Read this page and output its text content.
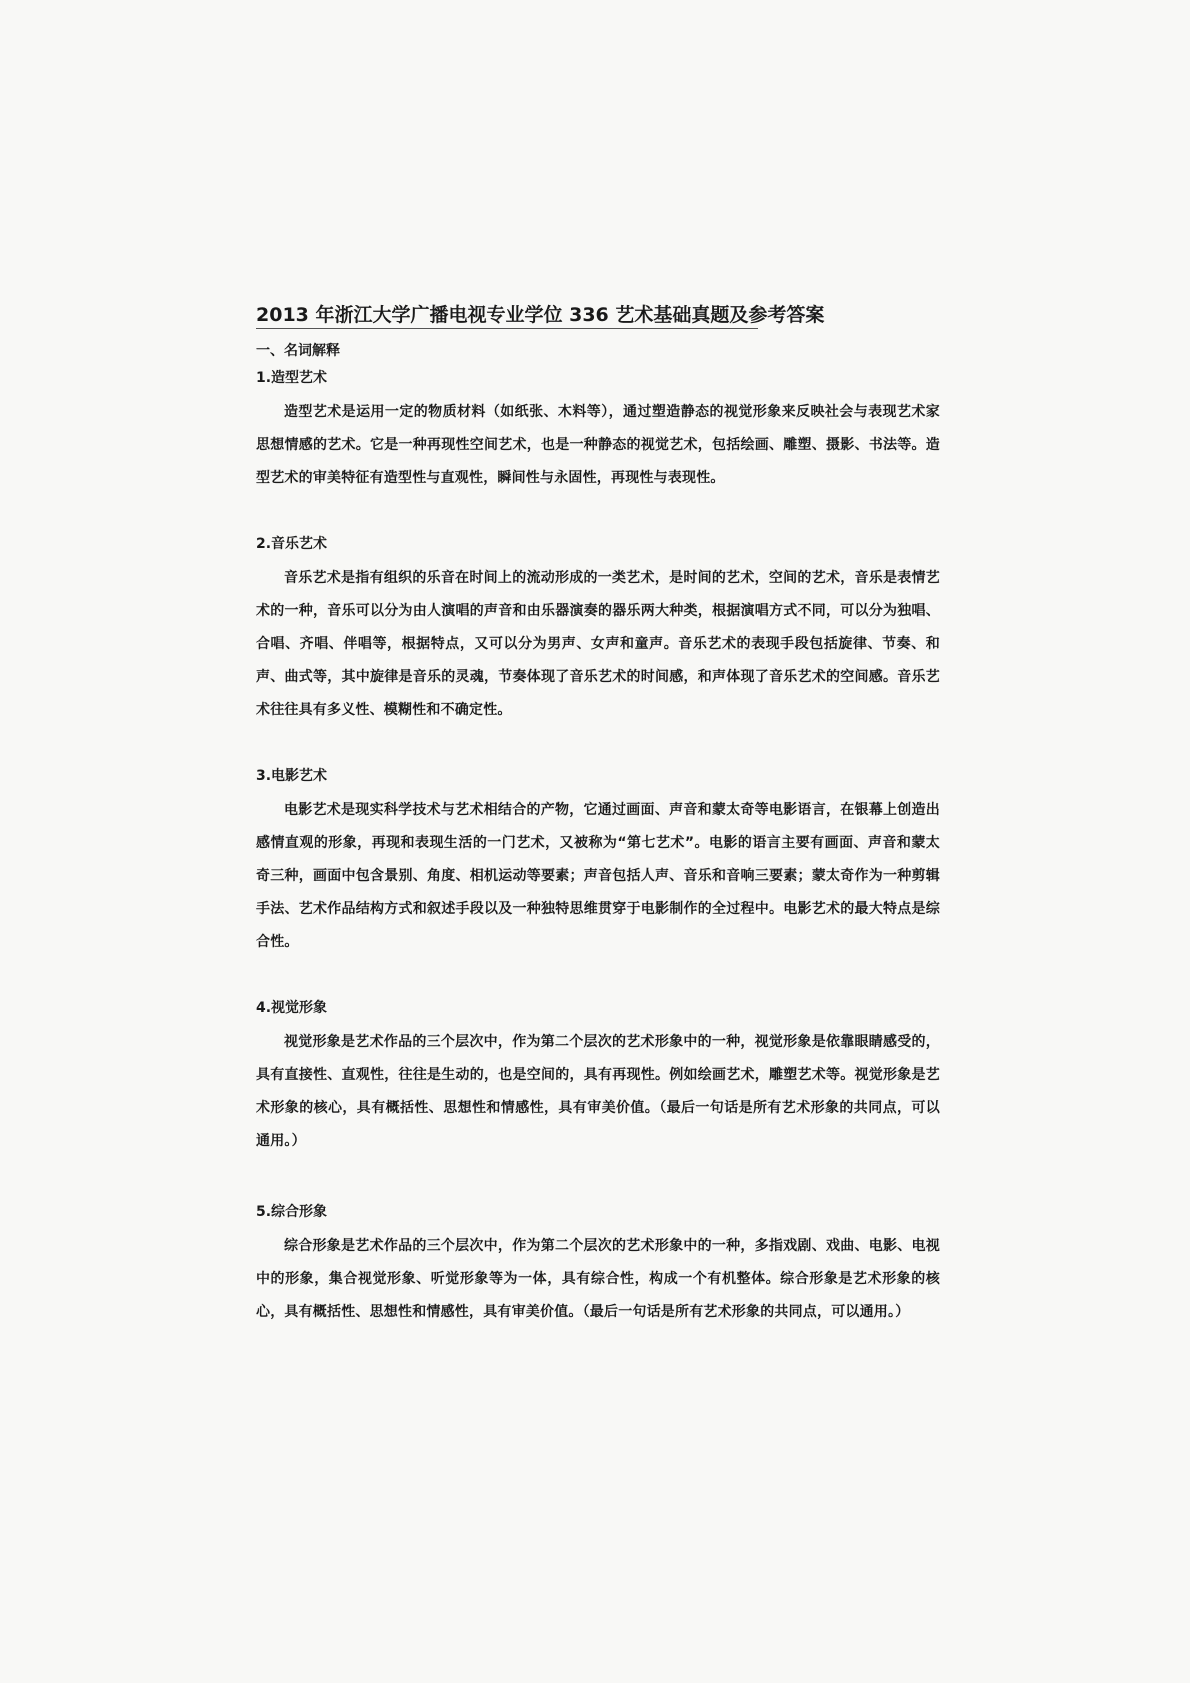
2013 年浙江大学广播电视专业学位 336 艺术基础真题及参考答案
一、名词解释
1.造型艺术
造型艺术是运用一定的物质材料（如纸张、木料等），通过塑造静态的视觉形象来反映社会与表现艺术家思想情感的艺术。它是一种再现性空间艺术，也是一种静态的视觉艺术，包括绘画、雕塑、摄影、书法等。造型艺术的审美特征有造型性与直观性，瞬间性与永固性，再现性与表现性。
2.音乐艺术
音乐艺术是指有组织的乐音在时间上的流动形成的一类艺术，是时间的艺术，空间的艺术，音乐是表情艺术的一种，音乐可以分为由人演唱的声音和由乐器演奏的器乐两大种类，根据演唱方式不同，可以分为独唱、合唱、齐唱、伴唱等，根据特点，又可以分为男声、女声和童声。音乐艺术的表现手段包括旋律、节奏、和声、曲式等，其中旋律是音乐的灵魂，节奏体现了音乐艺术的时间感，和声体现了音乐艺术的空间感。音乐艺术往往具有多义性、模糊性和不确定性。
3.电影艺术
电影艺术是现实科学技术与艺术相结合的产物，它通过画面、声音和蒙太奇等电影语言，在银幕上创造出感情直观的形象，再现和表现生活的一门艺术，又被称为“第七艺术”。电影的语言主要有画面、声音和蒙太奇三种，画面中包含景别、角度、相机运动等要素；声音包括人声、音乐和音响三要素；蒙太奇作为一种剪辑手法、艺术作品结构方式和叙述手段以及一种独特思维贯穿于电影制作的全过程中。电影艺术的最大特点是综合性。
4.视觉形象
视觉形象是艺术作品的三个层次中，作为第二个层次的艺术形象中的一种，视觉形象是依靠眼睛感受的，具有直接性、直观性，往往是生动的，也是空间的，具有再现性。例如绘画艺术，雕塑艺术等。视觉形象是艺术形象的核心，具有概括性、思想性和情感性，具有审美价值。（最后一句话是所有艺术形象的共同点，可以通用。）
5.综合形象
综合形象是艺术作品的三个层次中，作为第二个层次的艺术形象中的一种，多指戏剧、戏曲、电影、电视中的形象，集合视觉形象、听觉形象等为一体，具有综合性，构成一个有机整体。综合形象是艺术形象的核心，具有概括性、思想性和情感性，具有审美价值。（最后一句话是所有艺术形象的共同点，可以通用。）
